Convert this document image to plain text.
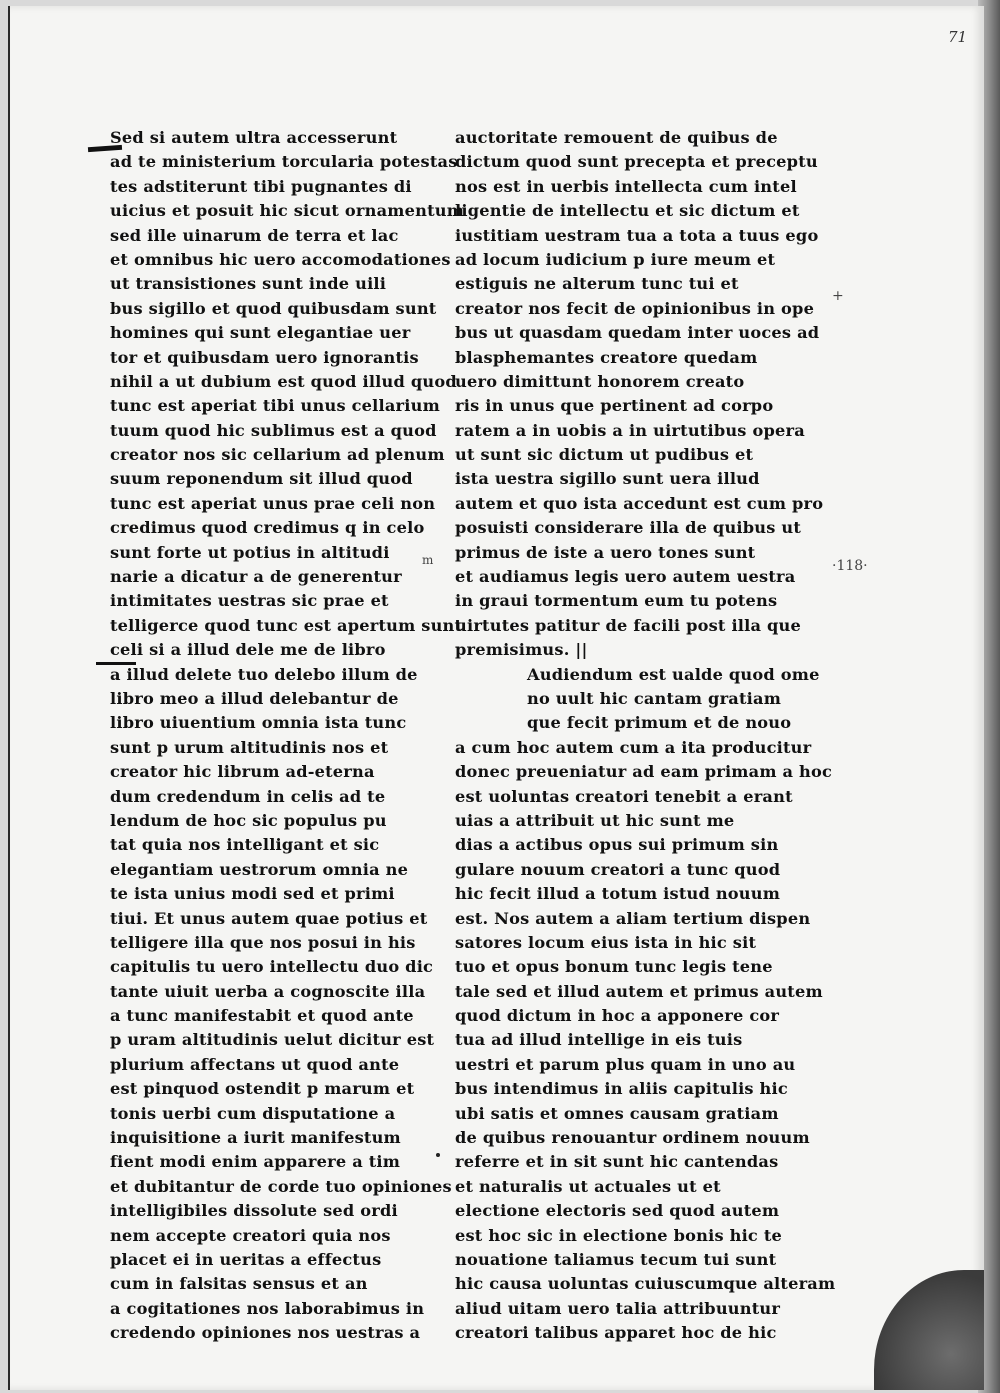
71
+
·118·
m
Sed si autem ultra accesserunt
ad te ministerium torcularia potestas
tes adstiterunt tibi pugnantes di
uicius et posuit hic sicut ornamentum
sed ille uinarum de terra et lac
et omnibus hic uero accomodationes
ut transistiones sunt inde uili
bus sigillo et quod quibusdam sunt
homines qui sunt elegantiae uer
tor et quibusdam uero ignorantis
nihil a ut dubium est quod illud quod
tunc est aperiat tibi unus cellarium
tuum quod hic sublimus est a quod
creator nos sic cellarium ad plenum
suum reponendum sit illud quod
tunc est aperiat unus prae celi non
credimus quod credimus q in celo
sunt forte ut potius in altitudi
narie a dicatur a de generentur
intimitates uestras sic prae et
telligerce quod tunc est apertum sunt
celi si a illud dele me de libro
a illud delete tuo delebo illum de
libro meo a illud delebantur de
libro uiuentium omnia ista tunc
sunt p urum altitudinis nos et
creator hic librum ad-eterna
dum credendum in celis ad te
lendum de hoc sic populus pu
tat quia nos intelligant et sic
elegantiam uestrorum omnia ne
te ista unius modi sed et primi
tiui. Et unus autem quae potius et
telligere illa que nos posui in his
capitulis tu uero intellectu duo dic
tante uiuit uerba a cognoscite illa
a tunc manifestabit et quod ante
p uram altitudinis uelut dicitur est
plurium affectans ut quod ante
est pinquod ostendit p marum et
tonis uerbi cum disputatione a
inquisitione a iurit manifestum
fient modi enim apparere a tim
et dubitantur de corde tuo opiniones
intelligibiles dissolute sed ordi
nem accepte creatori quia nos
placet ei in ueritas a effectus
cum in falsitas sensus et an
a cogitationes nos laborabimus in
credendo opiniones nos uestras a
auctoritate remouent de quibus de
dictum quod sunt precepta et preceptu
nos est in uerbis intellecta cum intel
ligentie de intellectu et sic dictum et
iustitiam uestram tua a tota a tuus ego
ad locum iudicium p iure meum et
estiguis ne alterum tunc tui et
creator nos fecit de opinionibus in ope
bus ut quasdam quedam inter uoces ad
blasphemantes creatore quedam
uero dimittunt honorem creato
ris in unus que pertinent ad corpo
ratem a in uobis a in uirtutibus opera
ut sunt sic dictum ut pudibus et
ista uestra sigillo sunt uera illud
autem et quo ista accedunt est cum pro
posuisti considerare illa de quibus ut
primus de iste a uero tones sunt
et audiamus legis uero autem uestra
in graui tormentum eum tu potens
uirtutes patitur de facili post illa que
premisimus. ||
Audiendum est ualde quod ome
no uult hic cantam gratiam
que fecit primum et de nouo
a cum hoc autem cum a ita producitur
donec preueniatur ad eam primam a hoc
est uoluntas creatori tenebit a erant
uias a attribuit ut hic sunt me
dias a actibus opus sui primum sin
gulare nouum creatori a tunc quod
hic fecit illud a totum istud nouum
est. Nos autem a aliam tertium dispen
satores locum eius ista in hic sit
tuo et opus bonum tunc legis tene
tale sed et illud autem et primus autem
quod dictum in hoc a apponere cor
tua ad illud intellige in eis tuis
uestri et parum plus quam in uno au
bus intendimus in aliis capitulis hic
ubi satis et omnes causam gratiam
de quibus renouantur ordinem nouum
referre et in sit sunt hic cantendas
et naturalis ut actuales ut et
electione electoris sed quod autem
est hoc sic in electione bonis hic te
nouatione taliamus tecum tui sunt
hic causa uoluntas cuiuscumque alteram
aliud uitam uero talia attribuuntur
creatori talibus apparet hoc de hic
